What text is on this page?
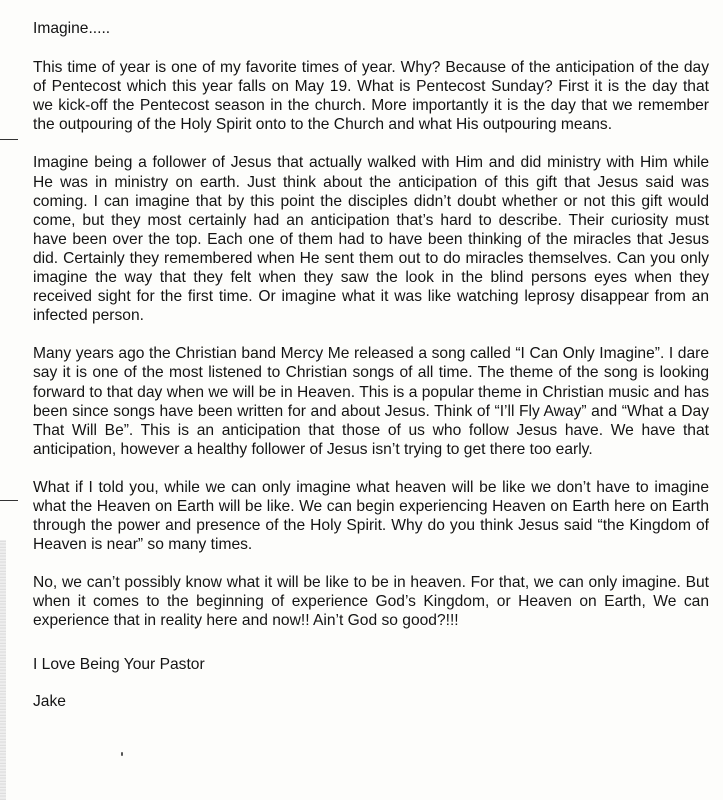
Imagine.....

This time of year is one of my favorite times of year. Why? Because of the anticipation of the day of Pentecost which this year falls on May 19. What is Pentecost Sunday? First it is the day that we kick-off the Pentecost season in the church. More importantly it is the day that we remember the outpouring of the Holy Spirit onto to the Church and what His outpouring means.

Imagine being a follower of Jesus that actually walked with Him and did ministry with Him while He was in ministry on earth. Just think about the anticipation of this gift that Jesus said was coming. I can imagine that by this point the disciples didn’t doubt whether or not this gift would come, but they most certainly had an anticipation that’s hard to describe. Their curiosity must have been over the top. Each one of them had to have been thinking of the miracles that Jesus did. Certainly they remembered when He sent them out to do miracles themselves. Can you only imagine the way that they felt when they saw the look in the blind persons eyes when they received sight for the first time. Or imagine what it was like watching leprosy disappear from an infected person.

Many years ago the Christian band Mercy Me released a song called “I Can Only Imagine”. I dare say it is one of the most listened to Christian songs of all time. The theme of the song is looking forward to that day when we will be in Heaven. This is a popular theme in Christian music and has been since songs have been written for and about Jesus. Think of “I’ll Fly Away” and “What a Day That Will Be”. This is an anticipation that those of us who follow Jesus have. We have that anticipation, however a healthy follower of Jesus isn’t trying to get there too early.

What if I told you, while we can only imagine what heaven will be like we don’t have to imagine what the Heaven on Earth will be like. We can begin experiencing Heaven on Earth here on Earth through the power and presence of the Holy Spirit. Why do you think Jesus said “the Kingdom of Heaven is near” so many times.

No, we can’t possibly know what it will be like to be in heaven. For that, we can only imagine. But when it comes to the beginning of experience God’s Kingdom, or Heaven on Earth, We can experience that in reality here and now!! Ain’t God so good?!!!

I Love Being Your Pastor

Jake
